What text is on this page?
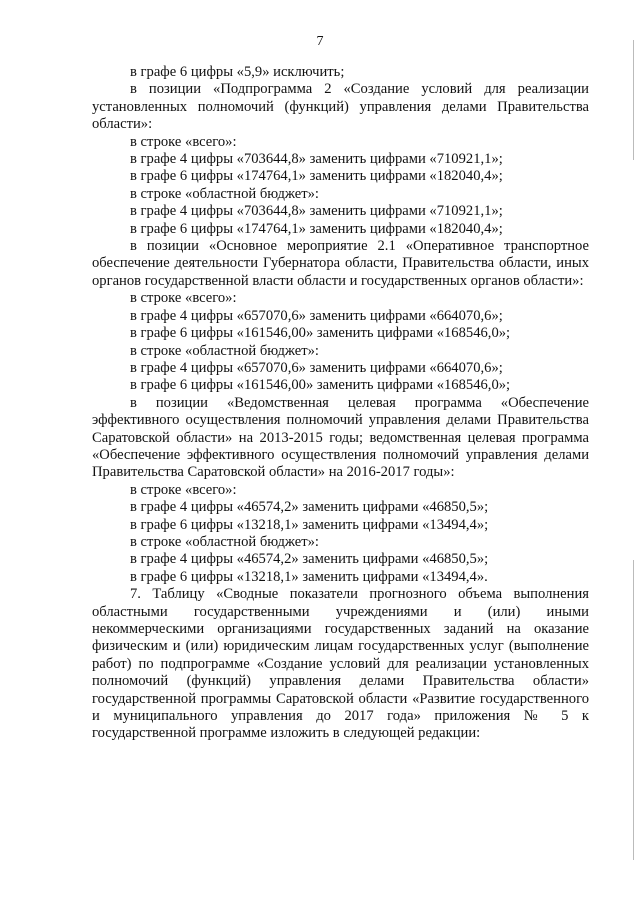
7

в графе 6 цифры «5,9» исключить;

в позиции «Подпрограмма 2 «Создание условий для реализации установленных полномочий (функций) управления делами Правительства области»:

в строке «всего»:

в графе 4 цифры «703644,8» заменить цифрами «710921,1»;

в графе 6 цифры «174764,1» заменить цифрами «182040,4»;

в строке «областной бюджет»:

в графе 4 цифры «703644,8» заменить цифрами «710921,1»;

в графе 6 цифры «174764,1» заменить цифрами «182040,4»;

в позиции «Основное мероприятие 2.1 «Оперативное транспортное обеспечение деятельности Губернатора области, Правительства области, иных органов государственной власти области и государственных органов области»:

в строке «всего»:

в графе 4 цифры «657070,6» заменить цифрами «664070,6»;

в графе 6 цифры «161546,00» заменить цифрами «168546,0»;

в строке «областной бюджет»:

в графе 4 цифры «657070,6» заменить цифрами «664070,6»;

в графе 6 цифры «161546,00» заменить цифрами «168546,0»;

в позиции «Ведомственная целевая программа «Обеспечение эффективного осуществления полномочий управления делами Правительства Саратовской области» на 2013-2015 годы; ведомственная целевая программа «Обеспечение эффективного осуществления полномочий управления делами Правительства Саратовской области» на 2016-2017 годы»:

в строке «всего»:

в графе 4 цифры «46574,2» заменить цифрами «46850,5»;

в графе 6 цифры «13218,1» заменить цифрами «13494,4»;

в строке «областной бюджет»:

в графе 4 цифры «46574,2» заменить цифрами «46850,5»;

в графе 6 цифры «13218,1» заменить цифрами «13494,4».

7. Таблицу «Сводные показатели прогнозного объема выполнения областными государственными учреждениями и (или) иными некоммерческими организациями государственных заданий на оказание физическим и (или) юридическим лицам государственных услуг (выполнение работ) по подпрограмме «Создание условий для реализации установленных полномочий (функций) управления делами Правительства области» государственной программы Саратовской области «Развитие государственного и муниципального управления до 2017 года» приложения № 5 к государственной программе изложить в следующей редакции:
